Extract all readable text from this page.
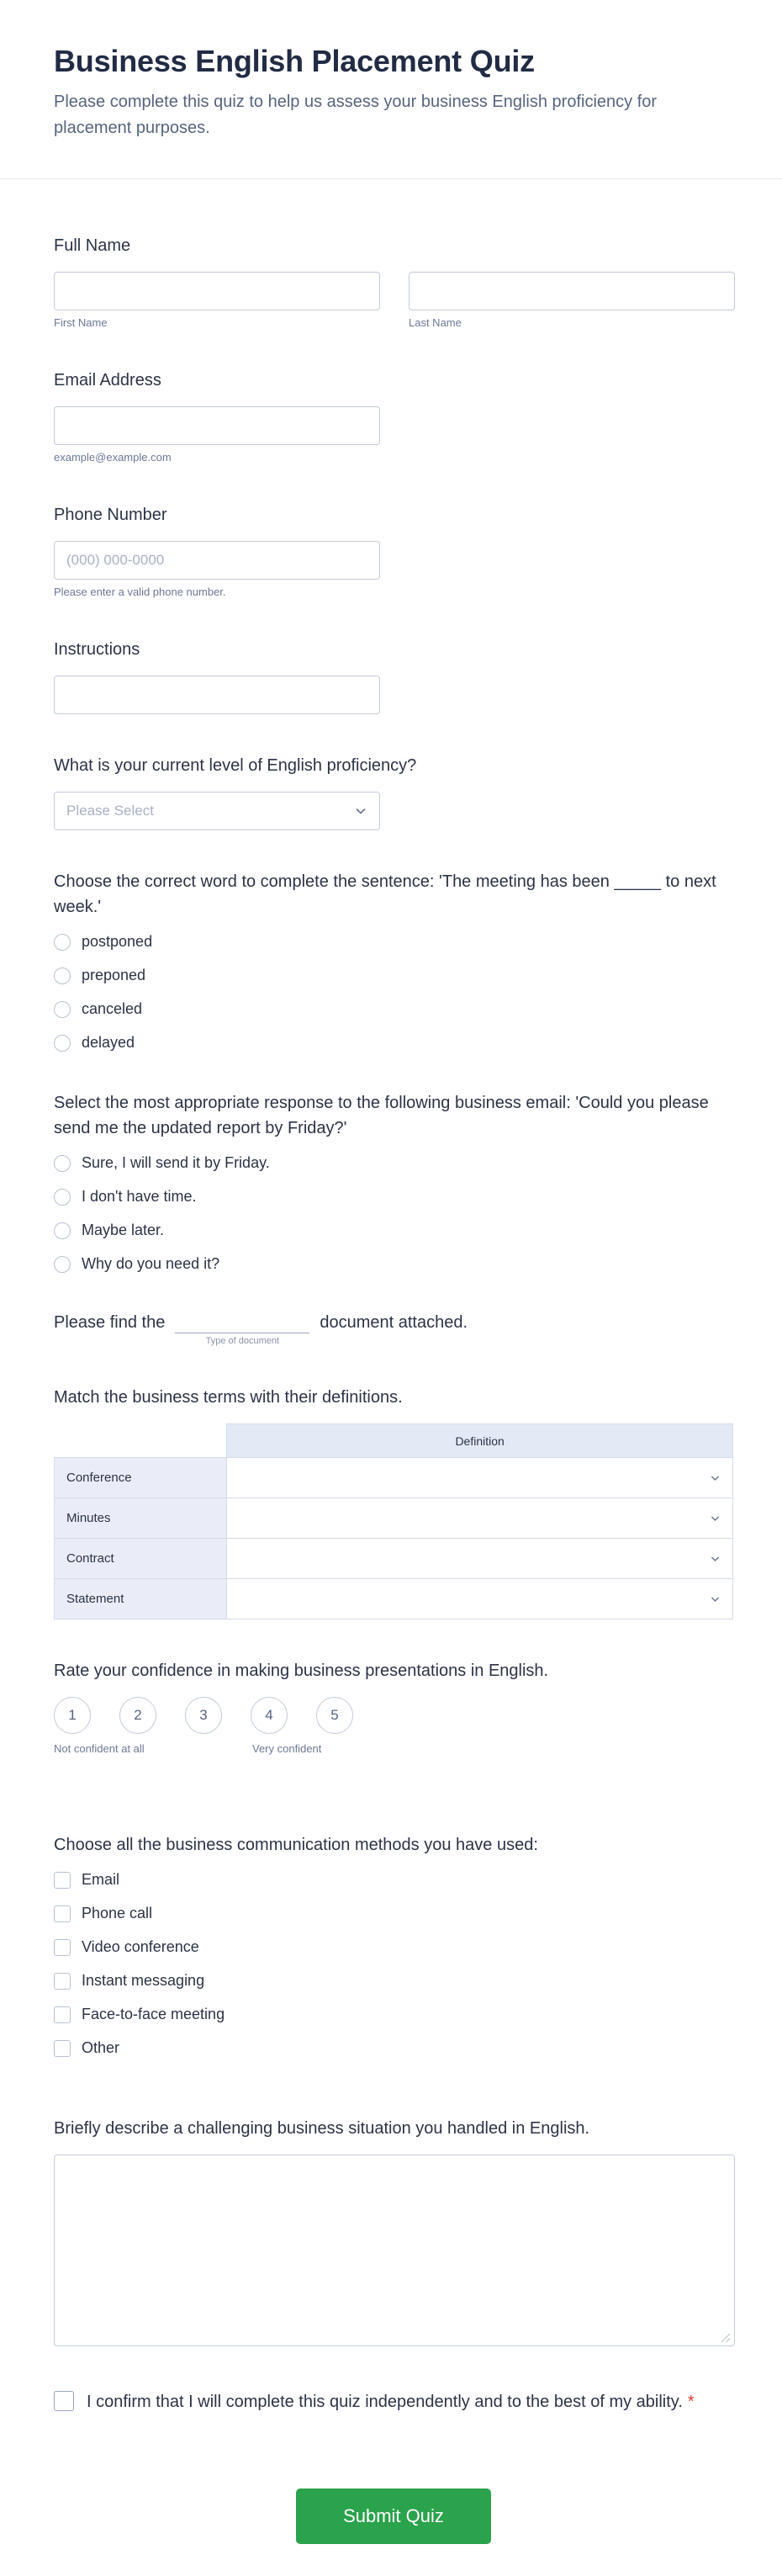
Business English Placement Quiz
Please complete this quiz to help us assess your business English proficiency for placement purposes.
Full Name
First Name	Last Name
Email Address
example@example.com
Phone Number
(000) 000-0000
Please enter a valid phone number.
Instructions
What is your current level of English proficiency?
Please Select
Choose the correct word to complete the sentence: 'The meeting has been _____ to next week.'
postponed
preponed
canceled
delayed
Select the most appropriate response to the following business email: 'Could you please send me the updated report by Friday?'
Sure, I will send it by Friday.
I don't have time.
Maybe later.
Why do you need it?
Please find the
Type of document
document attached.
Match the business terms with their definitions.
	Definition
Conference	

Minutes	

Contract	

Statement	
Rate your confidence in making business presentations in English.
1	2	3	4	5
Not confident at all	Very confident
Choose all the business communication methods you have used:
Email
Phone call
Video conference
Instant messaging
Face-to-face meeting
Other
Briefly describe a challenging business situation you handled in English.
I confirm that I will complete this quiz independently and to the best of my ability. *
Submit Quiz
